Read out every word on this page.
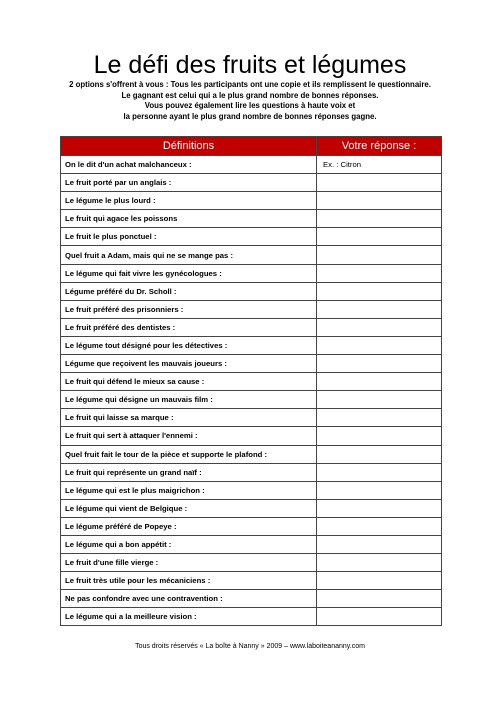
Le défi des fruits et légumes
2 options s'offrent à vous : Tous les participants ont une copie et ils remplissent le questionnaire.
Le gagnant est celui qui a le plus grand nombre de bonnes réponses.
Vous pouvez également lire les questions à haute voix et
la personne ayant le plus grand nombre de bonnes réponses gagne.
Définitions	Votre réponse :
On le dit d'un achat malchanceux :	Ex. : Citron
Le fruit porté par un anglais :	
Le légume le plus lourd :	
Le fruit qui agace les poissons	
Le fruit le plus ponctuel :	
Quel fruit a Adam, mais qui ne se mange pas :	
Le légume qui fait vivre les gynécologues :	
Légume préféré du Dr. Scholl :	
Le fruit préféré des prisonniers :	
Le fruit préféré des dentistes :	
Le légume tout désigné pour les détectives :	
Légume que reçoivent les mauvais joueurs :	
Le fruit qui défend le mieux sa cause :	
Le légume qui désigne un mauvais film :	
Le fruit qui laisse sa marque :	
Le fruit qui sert à attaquer l'ennemi :	
Quel fruit fait le tour de la pièce et supporte le plafond :	
Le fruit qui représente un grand naïf :	
Le légume qui est le plus maigrichon :	
Le légume qui vient de Belgique :	
Le légume préféré de Popeye :	
Le légume qui a bon appétit :	
Le fruit d'une fille vierge :	
Le fruit très utile pour les mécaniciens :	
Ne pas confondre avec une contravention :	
Le légume qui a la meilleure vision :	
Tous droits réservés « La boîte à Nanny » 2009 – www.laboiteananny.com
